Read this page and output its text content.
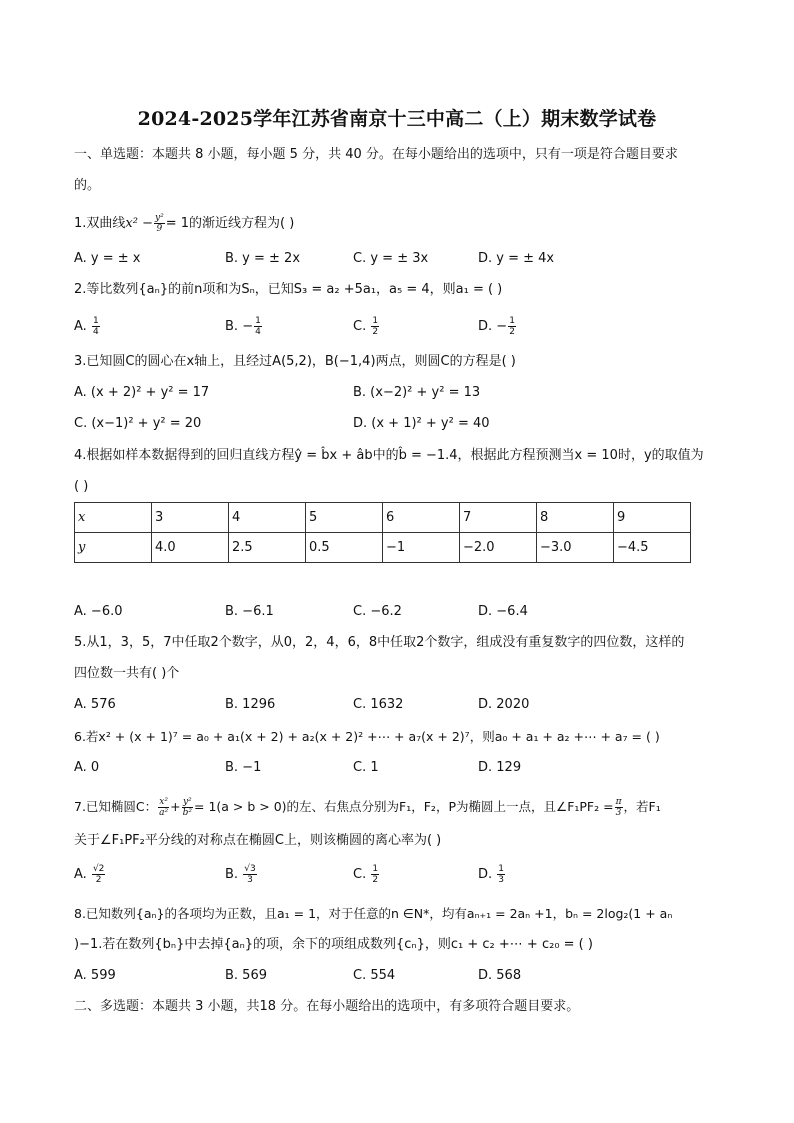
2024-2025学年江苏省南京十三中高二（上）期末数学试卷
一、单选题：本题共 8 小题，每小题 5 分，共 40 分。在每小题给出的选项中，只有一项是符合题目要求
的。
1.双曲线$x^2 - \frac{\text{y²}}{9} = 1$的渐近线方程为( )
A. y = ± x	B. y = ± 2x	C. y = ± 3x	D. y = ± 4x
2.等比数列{aₙ}的前n项和为Sₙ，已知S₃ = a₂ +5a₁，a₅ = 4，则a₁ = ( )
A. $\frac{1}{4}$	B. − $\frac{1}{4}$	C. $\frac{1}{2}$	D. − $\frac{1}{2}$
3.已知圆C的圆心在x轴上，且经过A(5,2)，B(−1,4)两点，则圆C的方程是( )
A. (x + 2)² + y² = 17	B. (x−2)² + y² = 13
C. (x−1)² + y² = 20	D. (x + 1)² + y² = 40
4.根据如样本数据得到的回归直线方程ŷ = b̂x + âb中的b̂ = −1.4，根据此方程预测当x = 10时，y的取值为
( )
x	3	4	5	6	7	8	9
y	4.0	2.5	0.5	−1	−2.0	−3.0	−4.5
A. −6.0	B. −6.1	C. −6.2	D. −6.4
5.从1，3，5，7中任取2个数字，从0，2，4，6，8中任取2个数字，组成没有重复数字的四位数，这样的
四位数一共有( )个
A. 576	B. 1296	C. 1632	D. 2020
6.若x² + (x + 1)⁷ = a₀ + a₁(x + 2) + a₂(x + 2)² +⋯ + a₇(x + 2)⁷，则a₀ + a₁ + a₂ +⋯ + a₇ = ( )
A. 0	B. −1	C. 1	D. 129
7.已知椭圆C： $\frac{\text{x²}}{\text{a²}} + \frac{\text{y²}}{\text{b²}} = 1(a > b > 0)$的左、右焦点分别为F₁，F₂，P为椭圆上一点，且∠F₁PF₂ = $\frac{\pi}{3}$ ，若F₁
关于∠F₁PF₂平分线的对称点在椭圆C上，则该椭圆的离心率为( )
A. $\frac{√2}{2}$	B. $\frac{√3}{3}$	C. $\frac{1}{2}$	D. $\frac{1}{3}$
8.已知数列{aₙ}的各项均为正数，且a₁ = 1，对于任意的n ∈N*，均有aₙ₊₁ = 2aₙ +1，bₙ = 2log₂(1 + aₙ
)−1.若在数列{bₙ}中去掉{aₙ}的项，余下的项组成数列{cₙ}，则c₁ + c₂ +⋯ + c₂₀ = ( )
A. 599	B. 569	C. 554	D. 568
二、多选题：本题共 3 小题，共18 分。在每小题给出的选项中，有多项符合题目要求。
